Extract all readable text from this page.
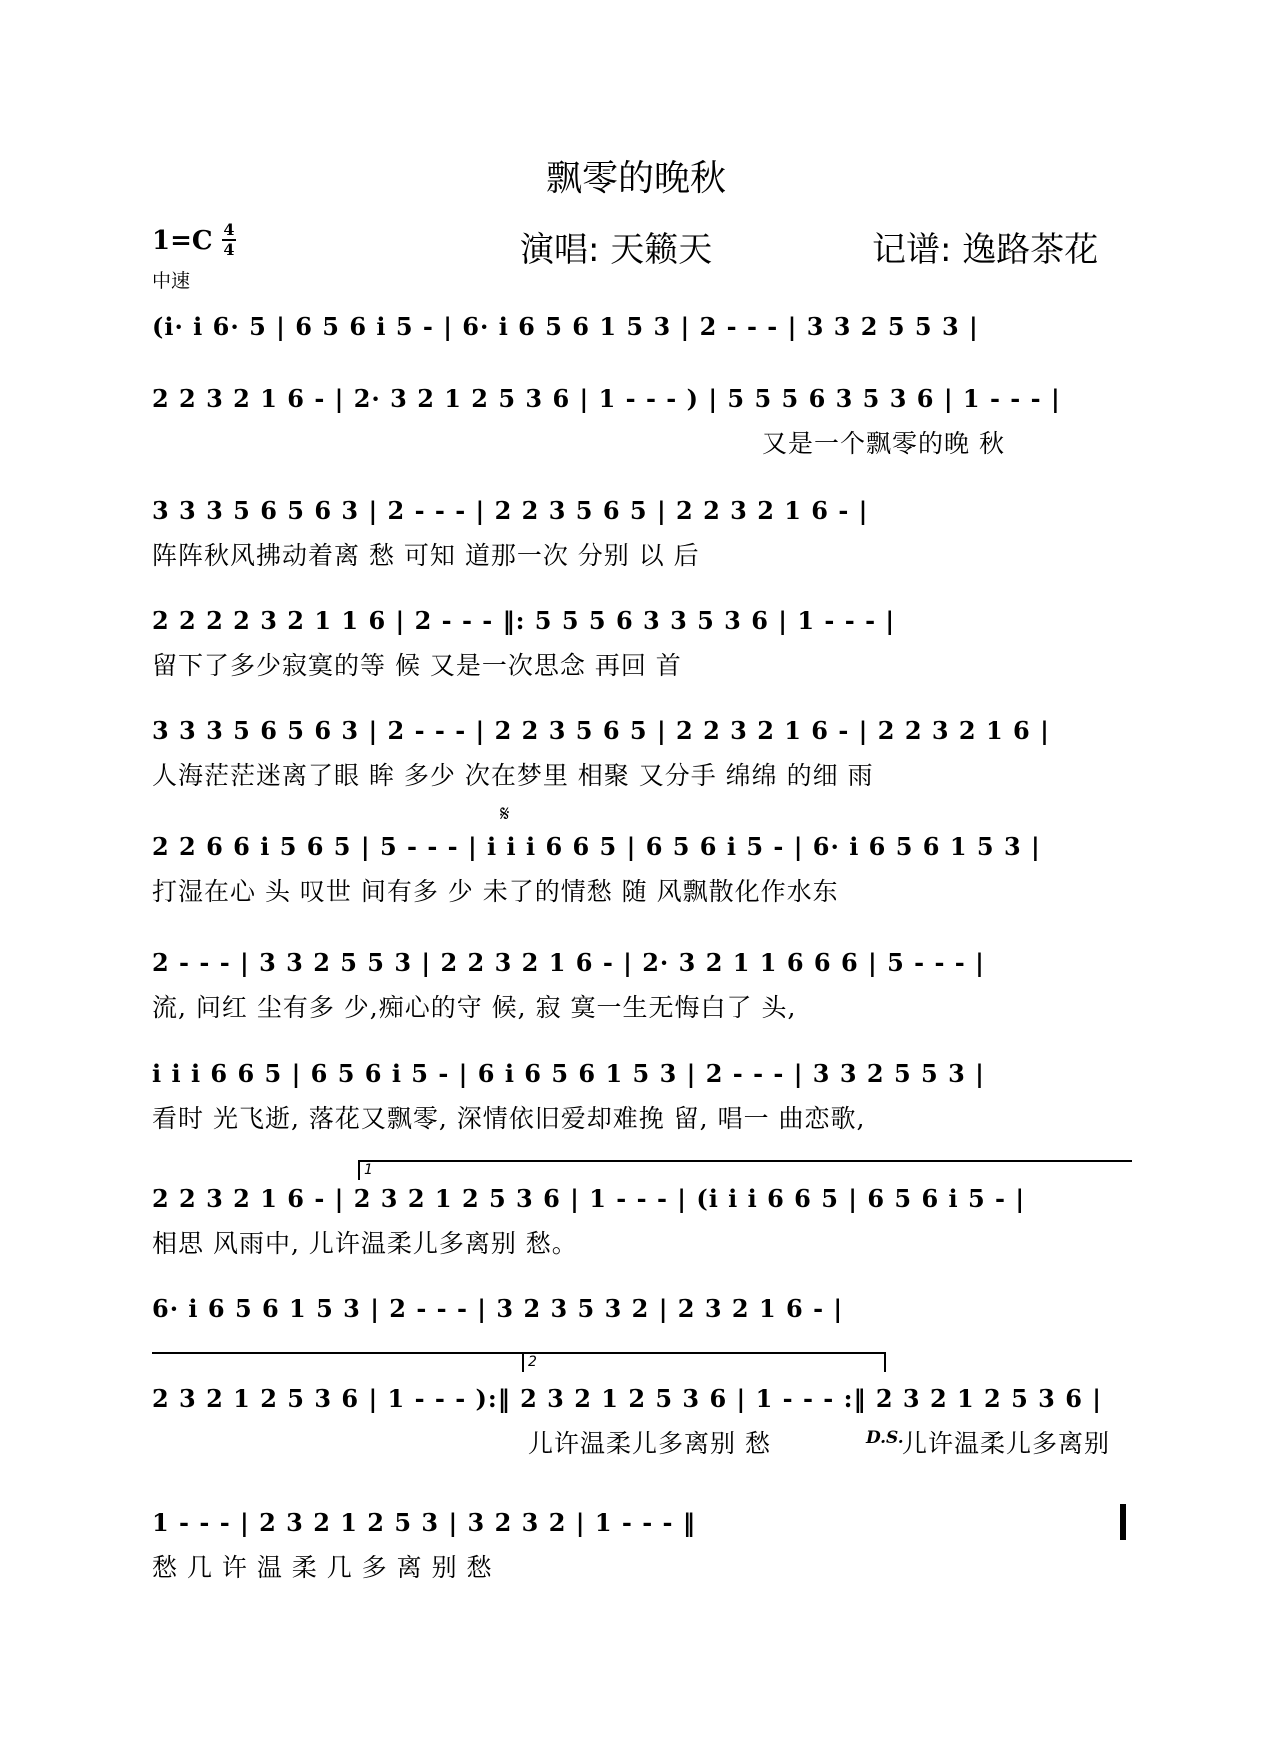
飘零的晚秋
1=C 4
4
中速
演唱: 天籁天	记谱: 逸路茶花
(i· i 6· 5 | 6 5 6 i 5 - | 6· i 6 5 6 1 5 3 | 2 - - - | 3 3 2 5 5 3 |
2 2 3 2 1 6 - | 2· 3 2 1 2 5 3 6 | 1 - - - ) | 5 5 5 6 3 5 3 6 | 1 - - - |
又是一个飘零的晚 秋
3 3 3 5 6 5 6 3 | 2 - - - | 2 2 3 5 6 5 | 2 2 3 2 1 6 - |
阵阵秋风拂动着离 愁 可知 道那一次 分别 以 后
2 2 2 2 3 2 1 1 6 | 2 - - - ‖: 5 5 5 6 3 3 5 3 6 | 1 - - - |
留下了多少寂寞的等 候 又是一次思念 再回 首
3 3 3 5 6 5 6 3 | 2 - - - | 2 2 3 5 6 5 | 2 2 3 2 1 6 - | 2 2 3 2 1 6 |
人海茫茫迷离了眼 眸 多少 次在梦里 相聚 又分手 绵绵 的细 雨
𝄋
2 2 6 6 i 5 6 5 | 5 - - - | i i i 6 6 5 | 6 5 6 i 5 - | 6· i 6 5 6 1 5 3 |
打湿在心 头 叹世 间有多 少 未了的情愁 随 风飘散化作水东
2 - - - | 3 3 2 5 5 3 | 2 2 3 2 1 6 - | 2· 3 2 1 1 6 6 6 | 5 - - - |
流, 问红 尘有多 少,痴心的守 候, 寂 寞一生无悔白了 头,
i i i 6 6 5 | 6 5 6 i 5 - | 6 i 6 5 6 1 5 3 | 2 - - - | 3 3 2 5 5 3 |
看时 光飞逝, 落花又飘零, 深情依旧爱却难挽 留, 唱一 曲恋歌,
1
2 2 3 2 1 6 - | 2 3 2 1 2 5 3 6 | 1 - - - | (i i i 6 6 5 | 6 5 6 i 5 - |
相思 风雨中, 儿许温柔儿多离别 愁。
6· i 6 5 6 1 5 3 | 2 - - - | 3 2 3 5 3 2 | 2 3 2 1 6 - |
2
2 3 2 1 2 5 3 6 | 1 - - - ):‖ 2 3 2 1 2 5 3 6 | 1 - - - :‖ 2 3 2 1 2 5 3 6 |
儿许温柔儿多离别 愁	D.S.
儿许温柔儿多离别
1 - - - | 2 3 2 1 2 5 3 | 3 2 3 2 | 1 - - - ‖
愁 几 许 温 柔 几 多 离 别 愁
